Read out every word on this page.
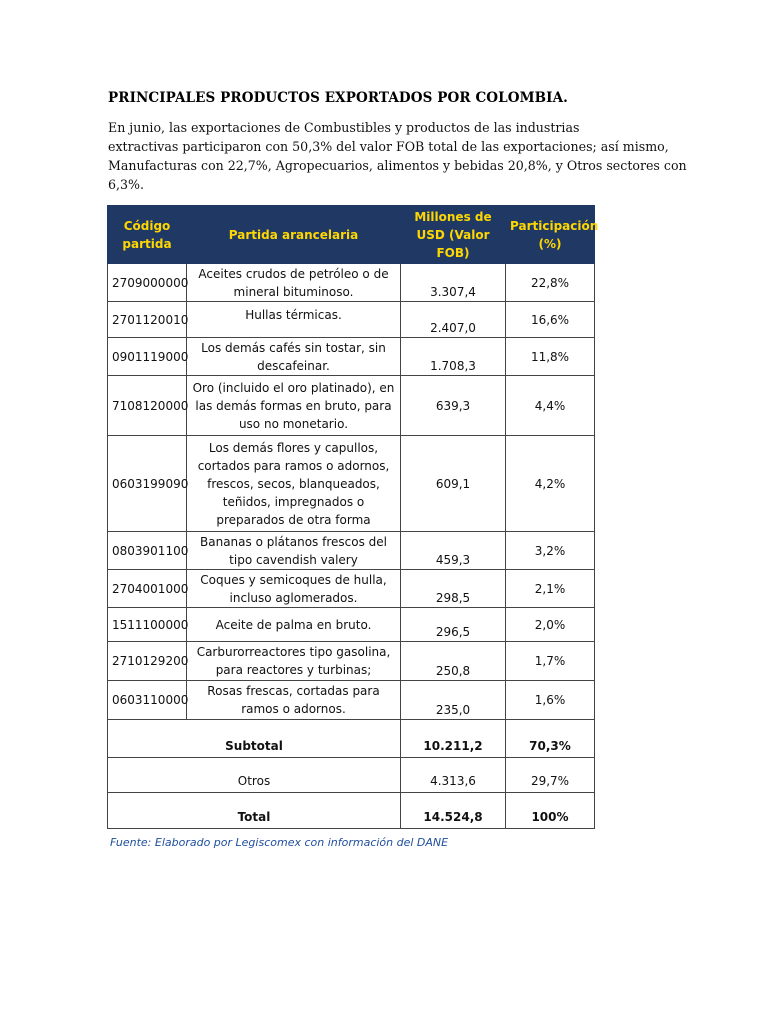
PRINCIPALES PRODUCTOS EXPORTADOS POR COLOMBIA.
En junio, las exportaciones de Combustibles y productos de las industrias
extractivas participaron con 50,3% del valor FOB total de las exportaciones; así mismo,
Manufacturas con 22,7%, Agropecuarios, alimentos y bebidas 20,8%, y Otros sectores con
6,3%.
Código partida	Partida arancelaria	Millones de USD (Valor FOB)	Participación (%)
2709000000	Aceites crudos de petróleo o de mineral bituminoso.	3.307,4	22,8%
2701120010	Hullas térmicas.	2.407,0	16,6%
0901119000	Los demás cafés sin tostar, sin descafeinar.	1.708,3	11,8%
7108120000	Oro (incluido el oro platinado), en las demás formas en bruto, para uso no monetario.	639,3	4,4%
0603199090	Los demás flores y capullos, cortados para ramos o adornos, frescos, secos, blanqueados, teñidos, impregnados o preparados de otra forma	609,1	4,2%
0803901100	Bananas o plátanos frescos del tipo cavendish valery	459,3	3,2%
2704001000	Coques y semicoques de hulla, incluso aglomerados.	298,5	2,1%
1511100000	Aceite de palma en bruto.	296,5	2,0%
2710129200	Carburorreactores tipo gasolina, para reactores y turbinas;	250,8	1,7%
0603110000	Rosas frescas, cortadas para ramos o adornos.	235,0	1,6%
Subtotal		10.211,2	70,3%
Otros		4.313,6	29,7%
Total		14.524,8	100%
Fuente: Elaborado por Legiscomex con información del DANE
